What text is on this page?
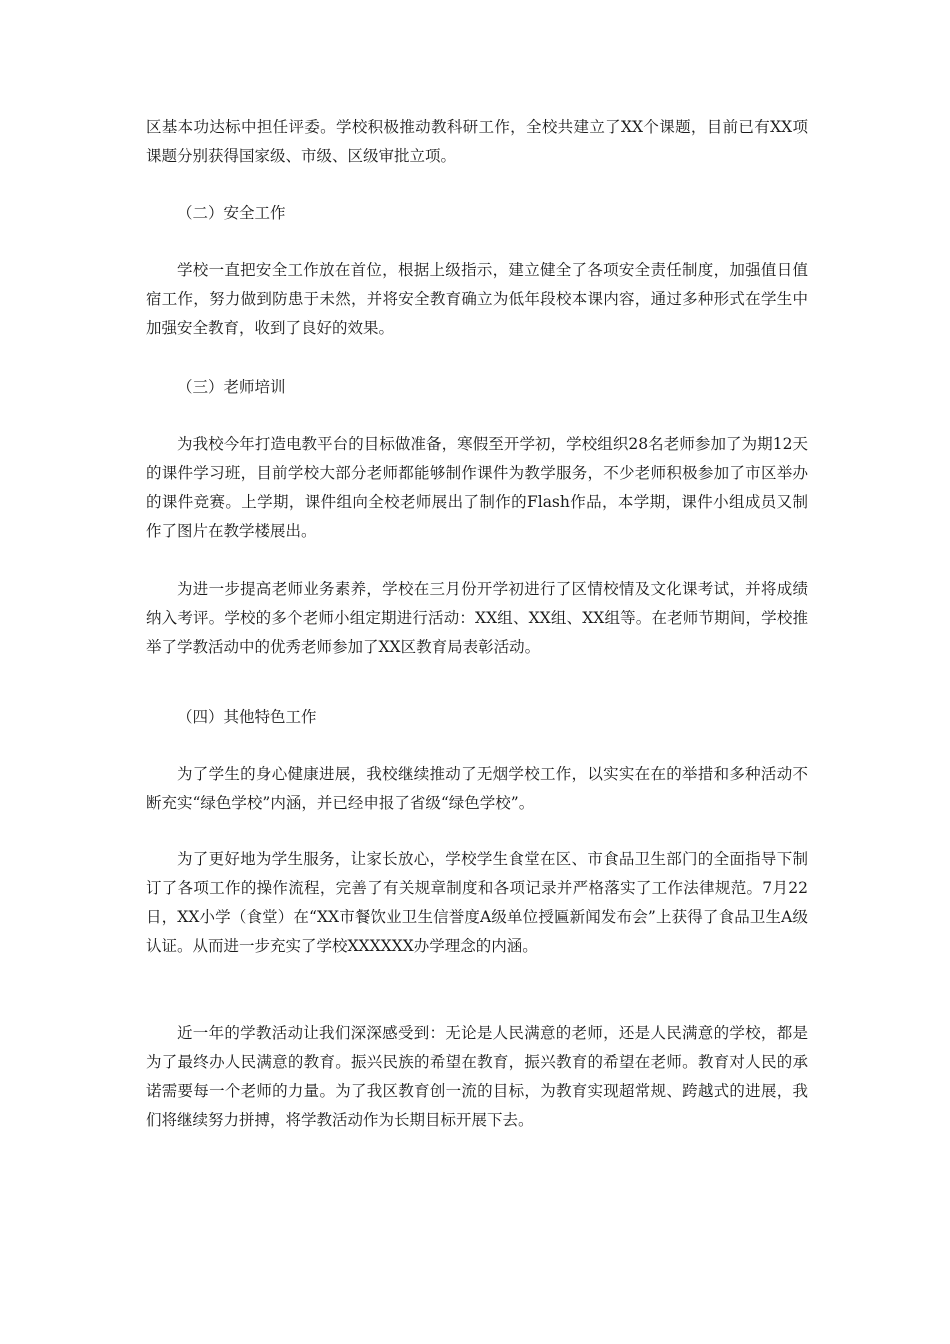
区基本功达标中担任评委。学校积极推动教科研工作，全校共建立了XX个课题，目前已有XX项课题分别获得国家级、市级、区级审批立项。

（二）安全工作

学校一直把安全工作放在首位，根据上级指示，建立健全了各项安全责任制度，加强值日值宿工作，努力做到防患于未然，并将安全教育确立为低年段校本课内容，通过多种形式在学生中加强安全教育，收到了良好的效果。

（三）老师培训

为我校今年打造电教平台的目标做准备，寒假至开学初，学校组织28名老师参加了为期12天的课件学习班，目前学校大部分老师都能够制作课件为教学服务，不少老师积极参加了市区举办的课件竞赛。上学期，课件组向全校老师展出了制作的Flash作品，本学期，课件小组成员又制作了图片在教学楼展出。

为进一步提高老师业务素养，学校在三月份开学初进行了区情校情及文化课考试，并将成绩纳入考评。学校的多个老师小组定期进行活动：XX组、XX组、XX组等。在老师节期间，学校推举了学教活动中的优秀老师参加了XX区教育局表彰活动。

（四）其他特色工作

为了学生的身心健康进展，我校继续推动了无烟学校工作，以实实在在的举措和多种活动不断充实“绿色学校”内涵，并已经申报了省级“绿色学校”。

为了更好地为学生服务，让家长放心，学校学生食堂在区、市食品卫生部门的全面指导下制订了各项工作的操作流程，完善了有关规章制度和各项记录并严格落实了工作法律规范。7月22日，XX小学（食堂）在“XX市餐饮业卫生信誉度A级单位授匾新闻发布会”上获得了食品卫生A级认证。从而进一步充实了学校XXXXXX办学理念的内涵。

近一年的学教活动让我们深深感受到：无论是人民满意的老师，还是人民满意的学校，都是为了最终办人民满意的教育。振兴民族的希望在教育，振兴教育的希望在老师。教育对人民的承诺需要每一个老师的力量。为了我区教育创一流的目标，为教育实现超常规、跨越式的进展，我们将继续努力拼搏，将学教活动作为长期目标开展下去。
